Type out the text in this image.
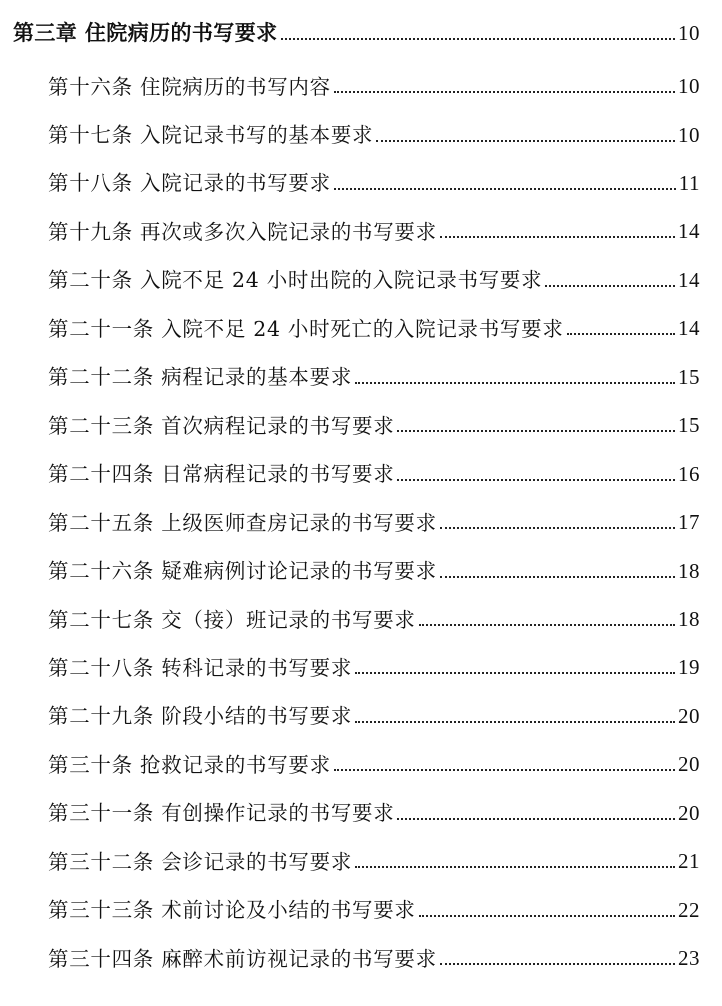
第三章 住院病历的书写要求	10
第十六条 住院病历的书写内容	10
第十七条 入院记录书写的基本要求	10
第十八条 入院记录的书写要求	11
第十九条 再次或多次入院记录的书写要求	14
第二十条 入院不足 24 小时出院的入院记录书写要求	14
第二十一条 入院不足 24 小时死亡的入院记录书写要求	14
第二十二条 病程记录的基本要求	15
第二十三条 首次病程记录的书写要求	15
第二十四条 日常病程记录的书写要求	16
第二十五条 上级医师查房记录的书写要求	17
第二十六条 疑难病例讨论记录的书写要求	18
第二十七条 交（接）班记录的书写要求	18
第二十八条 转科记录的书写要求	19
第二十九条 阶段小结的书写要求	20
第三十条 抢救记录的书写要求	20
第三十一条 有创操作记录的书写要求	20
第三十二条 会诊记录的书写要求	21
第三十三条 术前讨论及小结的书写要求	22
第三十四条 麻醉术前访视记录的书写要求	23
